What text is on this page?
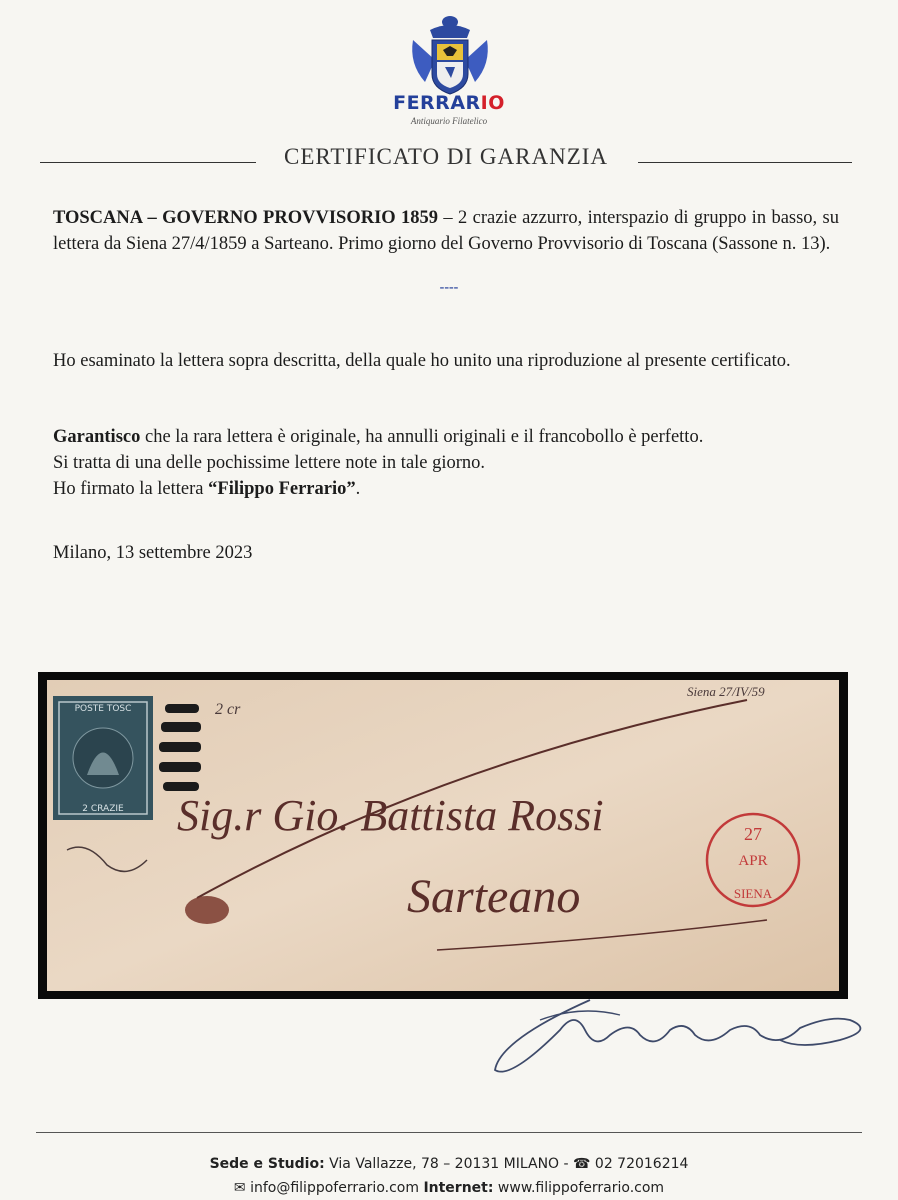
FERRARIO
Antiquario Filatelico
CERTIFICATO DI GARANZIA

TOSCANA – GOVERNO PROVVISORIO 1859 – 2 crazie azzurro, interspazio di gruppo in basso, su lettera da Siena 27/4/1859 a Sarteano. Primo giorno del Governo Provvisorio di Toscana (Sassone n. 13).

----

Ho esaminato la lettera sopra descritta, della quale ho unito una riproduzione al presente certificato.

Garantisco che la rara lettera è originale, ha annulli originali e il francobollo è perfetto.
Si tratta di una delle pochissime lettere note in tale giorno.
Ho firmato la lettera “Filippo Ferrario”.

Milano, 13 settembre 2023

POSTE TOSC
2 CRAZIE
2 cr
Siena 27/IV/59
27
APR
SIENA
Sig.r Gio. Battista Rossi
Sarteano
Sede e Studio: Via Vallazze, 78 – 20131 MILANO - ☎ 02 72016214
✉ info@filippoferrario.com Internet: www.filippoferrario.com
